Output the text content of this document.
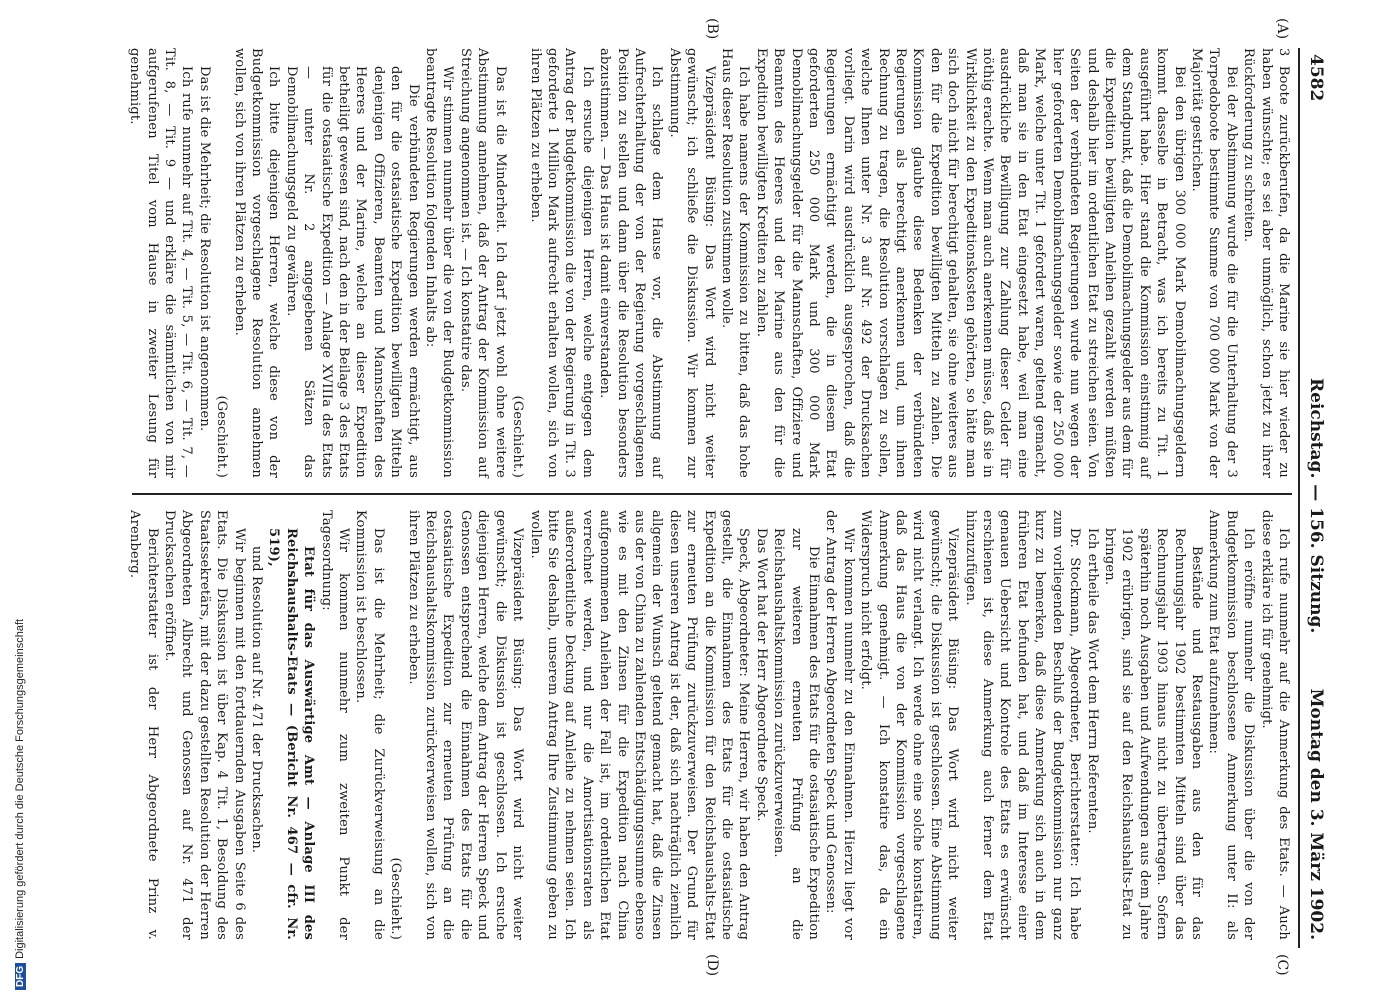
4582
Reichstag. — 156. Sitzung.
Montag den 3. März 1902.
(A)
(B)
(C)
(D)

3 Boote zurückberufen, da die Marine sie hier wieder zu haben wünschte; es sei aber unmöglich, schon jetzt zu ihrer Rückforderung zu schreiten.

Bei der Abstimmung wurde die für die Unterhaltung der 3 Torpedoboote bestimmte Summe von 700 000 Mark von der Majorität gestrichen.

Bei den übrigen 300 000 Mark Demobilmachungsgeldern kommt dasselbe in Betracht, was ich bereits zu Tit. 1 ausgeführt habe. Hier stand die Kommission einstimmig auf dem Standpunkt, daß die Demobilmachungsgelder aus dem für die Expedition bewilligten Anleihen gezahlt werden müßten und deshalb hier im ordentlichen Etat zu streichen seien. Von Seiten der verbündeten Regierungen wurde nun wegen der hier geforderten Demobilmachungsgelder sowie der 250 000 Mark, welche unter Tit. 1 gefordert waren, geltend gemacht, daß man sie in den Etat eingesetzt habe, weil man eine ausdrückliche Bewilligung zur Zahlung dieser Gelder für nöthig erachte. Wenn man auch anerkennen müsse, daß sie in Wirklichkeit zu den Expeditionskosten gehörten, so hätte man sich doch nicht für berechtigt gehalten, sie ohne weiteres aus den für die Expedition bewilligten Mitteln zu zahlen. Die Kommission glaubte diese Bedenken der verbündeten Regierungen als berechtigt anerkennen und, um ihnen Rechnung zu tragen, die Resolution vorschlagen zu sollen, welche Ihnen unter Nr. 3 auf Nr. 492 der Drucksachen vorliegt. Darin wird ausdrücklich ausgesprochen, daß die Regierungen ermächtigt werden, die in diesem Etat geforderten 250 000 Mark und 300 000 Mark Demobilmachungsgelder für die Mannschaften, Offiziere und Beamten des Heeres und der Marine aus den für die Expedition bewilligten Krediten zu zahlen.

Ich habe namens der Kommission zu bitten, daß das hohe Haus dieser Resolution zustimmen wolle.

Vizepräsident Büsing: Das Wort wird nicht weiter gewünscht; ich schließe die Diskussion. Wir kommen zur Abstimmung.

Ich schlage dem Hause vor, die Abstimmung auf Aufrechterhaltung der von der Regierung vorgeschlagenen Position zu stellen und dann über die Resolution besonders abzustimmen. — Das Haus ist damit einverstanden.

Ich ersuche diejenigen Herren, welche entgegen dem Antrag der Budgetkommission die von der Regierung in Tit. 3 geforderte 1 Million Mark aufrecht erhalten wollen, sich von ihren Plätzen zu erheben.

(Geschieht.)

Das ist die Minderheit. Ich darf jetzt wohl ohne weitere Abstimmung annehmen, daß der Antrag der Kommission auf Streichung angenommen ist. — Ich konstatire das.

Wir stimmen nunmehr über die von der Budgetkommission beantragte Resolution folgenden Inhalts ab:

Die verbündeten Regierungen werden ermächtigt, aus den für die ostasiatische Expedition bewilligten Mitteln denjenigen Offizieren, Beamten und Mannschaften des Heeres und der Marine, welche an dieser Expedition betheiligt gewesen sind, nach den in der Beilage 3 des Etats für die ostasiatische Expedition — Anlage XVIIIa des Etats — unter Nr. 2 angegebenen Sätzen das Demobilmachungsgeld zu gewähren.

Ich bitte diejenigen Herren, welche diese von der Budgetkommission vorgeschlagene Resolution annehmen wollen, sich von ihren Plätzen zu erheben.

(Geschieht.)

Das ist die Mehrheit; die Resolution ist angenommen.

Ich rufe nunmehr auf Tit. 4, — Tit. 5, — Tit. 6, — Tit. 7, — Tit. 8, — Tit. 9 — und erkläre die sämmtlichen von mir aufgerufenen Titel vom Hause in zweiter Lesung für genehmigt.

Ich rufe nunmehr auf die Anmerkung des Etats. — Auch diese erkläre ich für genehmigt.

Ich eröffne nunmehr die Diskussion über die von der Budgetkommission beschlossene Anmerkung unter II: als Anmerkung zum Etat aufzunehmen:

Bestände und Restausgaben aus den für das Rechnungsjahr 1902 bestimmten Mitteln sind über das Rechnungsjahr 1903 hinaus nicht zu übertragen. Sofern späterhin noch Ausgaben und Aufwendungen aus dem Jahre 1902 erübrigen, sind sie auf den Reichshaushalts-Etat zu bringen.

Ich ertheile das Wort dem Herrn Referenten.

Dr. Stockmann, Abgeordneter, Berichterstatter: Ich habe zum vorliegenden Beschluß der Budgetkommission nur ganz kurz zu bemerken, daß diese Anmerkung sich auch in dem früheren Etat befunden hat, und daß im Interesse einer genauen Uebersicht und Kontrole des Etats es erwünscht erschienen ist, diese Anmerkung auch ferner dem Etat hinzuzufügen.

Vizepräsident Büsing: Das Wort wird nicht weiter gewünscht; die Diskussion ist geschlossen. Eine Abstimmung wird nicht verlangt. Ich werde ohne eine solche konstatiren, daß das Haus die von der Kommission vorgeschlagene Anmerkung genehmigt. — Ich konstatire das, da ein Widerspruch nicht erfolgt.

Wir kommen nunmehr zu den Einnahmen. Hierzu liegt vor der Antrag der Herren Abgeordneten Speck und Genossen:

Die Einnahmen des Etats für die ostasiatische Expedition zur weiteren erneuten Prüfung an die Reichshaushaltskommission zurückzuverweisen.

Das Wort hat der Herr Abgeordnete Speck.

Speck, Abgeordneter: Meine Herren, wir haben den Antrag gestellt, die Einnahmen des Etats für die ostasiatische Expedition an die Kommission für den Reichshaushalts-Etat zur erneuten Prüfung zurückzuverweisen. Der Grund für diesen unseren Antrag ist der, daß sich nachträglich ziemlich allgemein der Wunsch geltend gemacht hat, daß die Zinsen aus der von China zu zahlenden Entschädigungssumme ebenso wie es mit den Zinsen für die Expedition nach China aufgenommenen Anleihen der Fall ist, im ordentlichen Etat verrechnet werden, und nur die Amortisationsraten als außerordentliche Deckung auf Anleihe zu nehmen seien. Ich bitte Sie deshalb, unserem Antrag Ihre Zustimmung geben zu wollen.

Vizepräsident Büsing: Das Wort wird nicht weiter gewünscht; die Diskussion ist geschlossen. Ich ersuche diejenigen Herren, welche dem Antrag der Herren Speck und Genossen entsprechend die Einnahmen des Etats für die ostasiatische Expedition zur erneuten Prüfung an die Reichshaushaltskommission zurückverweisen wollen, sich von ihren Plätzen zu erheben.

(Geschieht.)

Das ist die Mehrheit; die Zurückverweisung an die Kommission ist beschlossen.

Wir kommen nunmehr zum zweiten Punkt der Tagesordnung:

Etat für das Auswärtige Amt — Anlage III des Reichshaushalts-Etats — (Bericht Nr. 467 — cfr. Nr. 519),

und Resolution auf Nr. 471 der Drucksachen.

Wir beginnen mit den fortdauernden Ausgaben Seite 6 des Etats. Die Diskussion ist über Kap. 4 Tit. 1, Besoldung des Staatssekretärs, mit der dazu gestellten Resolution der Herren Abgeordneten Albrecht und Genossen auf Nr. 471 der Drucksachen eröffnet.

Berichterstatter ist der Herr Abgeordnete Prinz v. Arenberg.

DFGDigitalisierung gefördert durch die Deutsche Forschungsgemeinschaft
